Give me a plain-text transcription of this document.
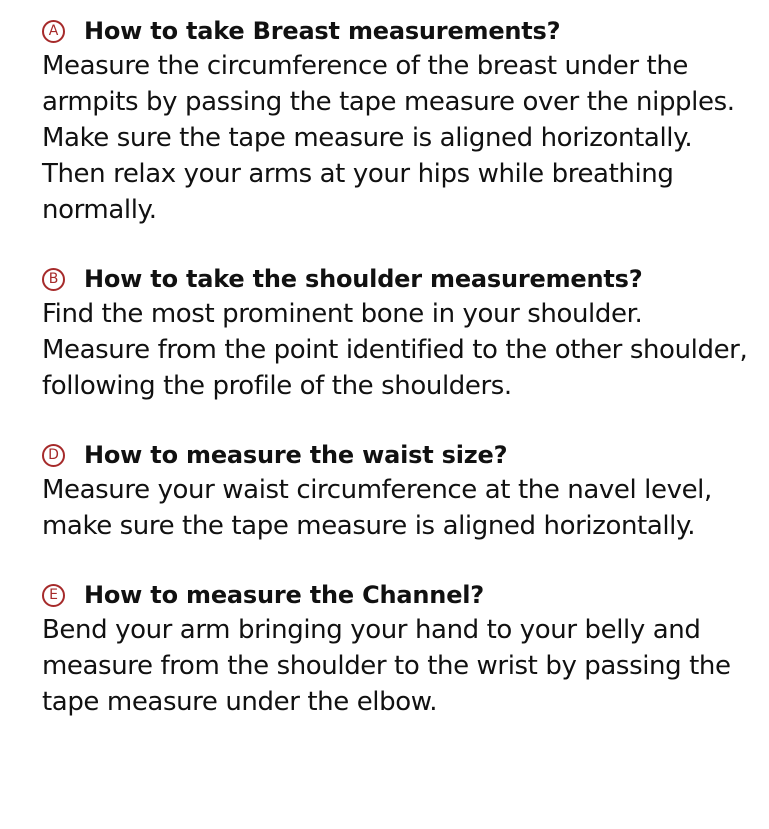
A How to take Breast measurements?

Measure the circumference of the breast under the armpits by passing the tape measure over the nipples. Make sure the tape measure is aligned horizontally. Then relax your arms at your hips while breathing normally.

B How to take the shoulder measurements?

Find the most prominent bone in your shoulder. Measure from the point identified to the other shoulder, following the profile of the shoulders.

D How to measure the waist size?

Measure your waist circumference at the navel level, make sure the tape measure is aligned horizontally.

E How to measure the Channel?

Bend your arm bringing your hand to your belly and measure from the shoulder to the wrist by passing the tape measure under the elbow.
